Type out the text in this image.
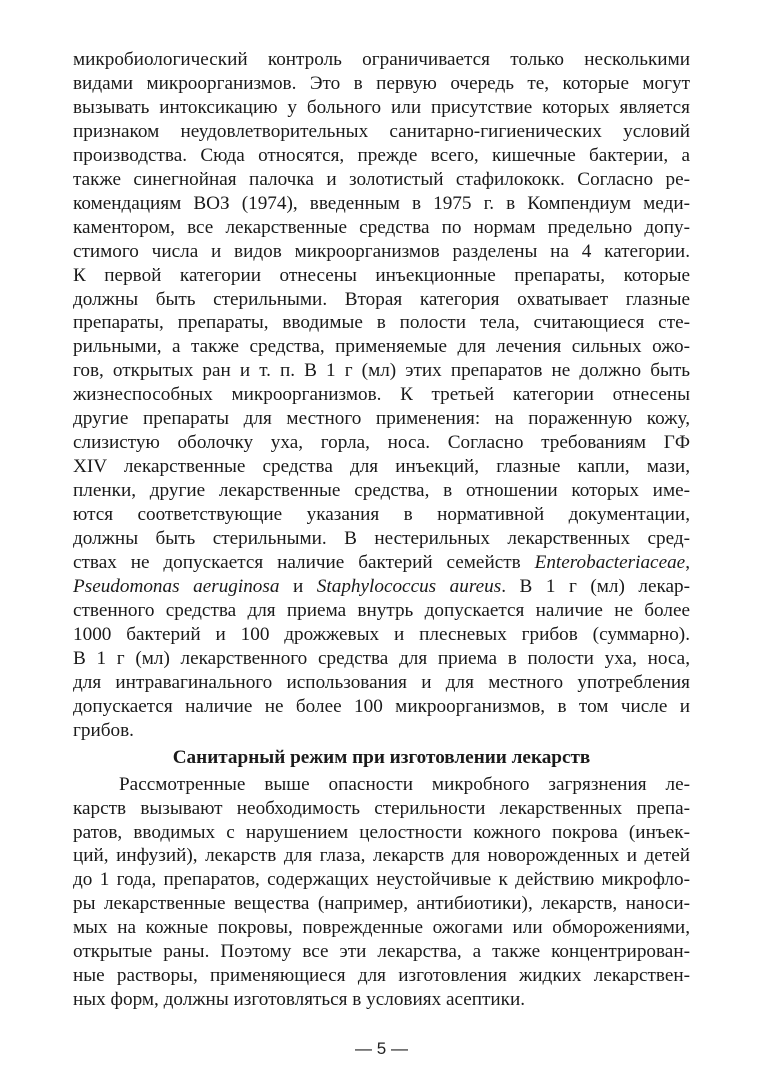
микробиологический контроль ограничивается только несколькими
видами микроорганизмов. Это в первую очередь те, которые могут
вызывать интоксикацию у больного или присутствие которых является
признаком неудовлетворительных санитарно-гигиенических условий
производства. Сюда относятся, прежде всего, кишечные бактерии, а
также синегнойная палочка и золотистый стафилококк. Согласно ре-
комендациям ВОЗ (1974), введенным в 1975 г. в Компендиум меди-
каментором, все лекарственные средства по нормам предельно допу-
стимого числа и видов микроорганизмов разделены на 4 категории.
К первой категории отнесены инъекционные препараты, которые
должны быть стерильными. Вторая категория охватывает глазные
препараты, препараты, вводимые в полости тела, считающиеся сте-
рильными, а также средства, применяемые для лечения сильных ожо-
гов, открытых ран и т. п. В 1 г (мл) этих препаратов не должно быть
жизнеспособных микроорганизмов. К третьей категории отнесены
другие препараты для местного применения: на пораженную кожу,
слизистую оболочку уха, горла, носа. Согласно требованиям ГФ
XIV лекарственные средства для инъекций, глазные капли, мази,
пленки, другие лекарственные средства, в отношении которых име-
ются соответствующие указания в нормативной документации,
должны быть стерильными. В нестерильных лекарственных сред-
ствах не допускается наличие бактерий семейств Enterobacteriaceae,
Pseudomonas aeruginosa и Staphylococcus aureus. В 1 г (мл) лекар-
ственного средства для приема внутрь допускается наличие не более
1000 бактерий и 100 дрожжевых и плесневых грибов (суммарно).
В 1 г (мл) лекарственного средства для приема в полости уха, носа,
для интравагинального использования и для местного употребления
допускается наличие не более 100 микроорганизмов, в том числе и
грибов.
Санитарный режим при изготовлении лекарств
Рассмотренные выше опасности микробного загрязнения ле-
карств вызывают необходимость стерильности лекарственных препа-
ратов, вводимых с нарушением целостности кожного покрова (инъек-
ций, инфузий), лекарств для глаза, лекарств для новорожденных и детей
до 1 года, препаратов, содержащих неустойчивые к действию микрофло-
ры лекарственные вещества (например, антибиотики), лекарств, наноси-
мых на кожные покровы, поврежденные ожогами или обморожениями,
открытые раны. Поэтому все эти лекарства, а также концентрирован-
ные растворы, применяющиеся для изготовления жидких лекарствен-
ных форм, должны изготовляться в условиях асептики.
— 5 —
